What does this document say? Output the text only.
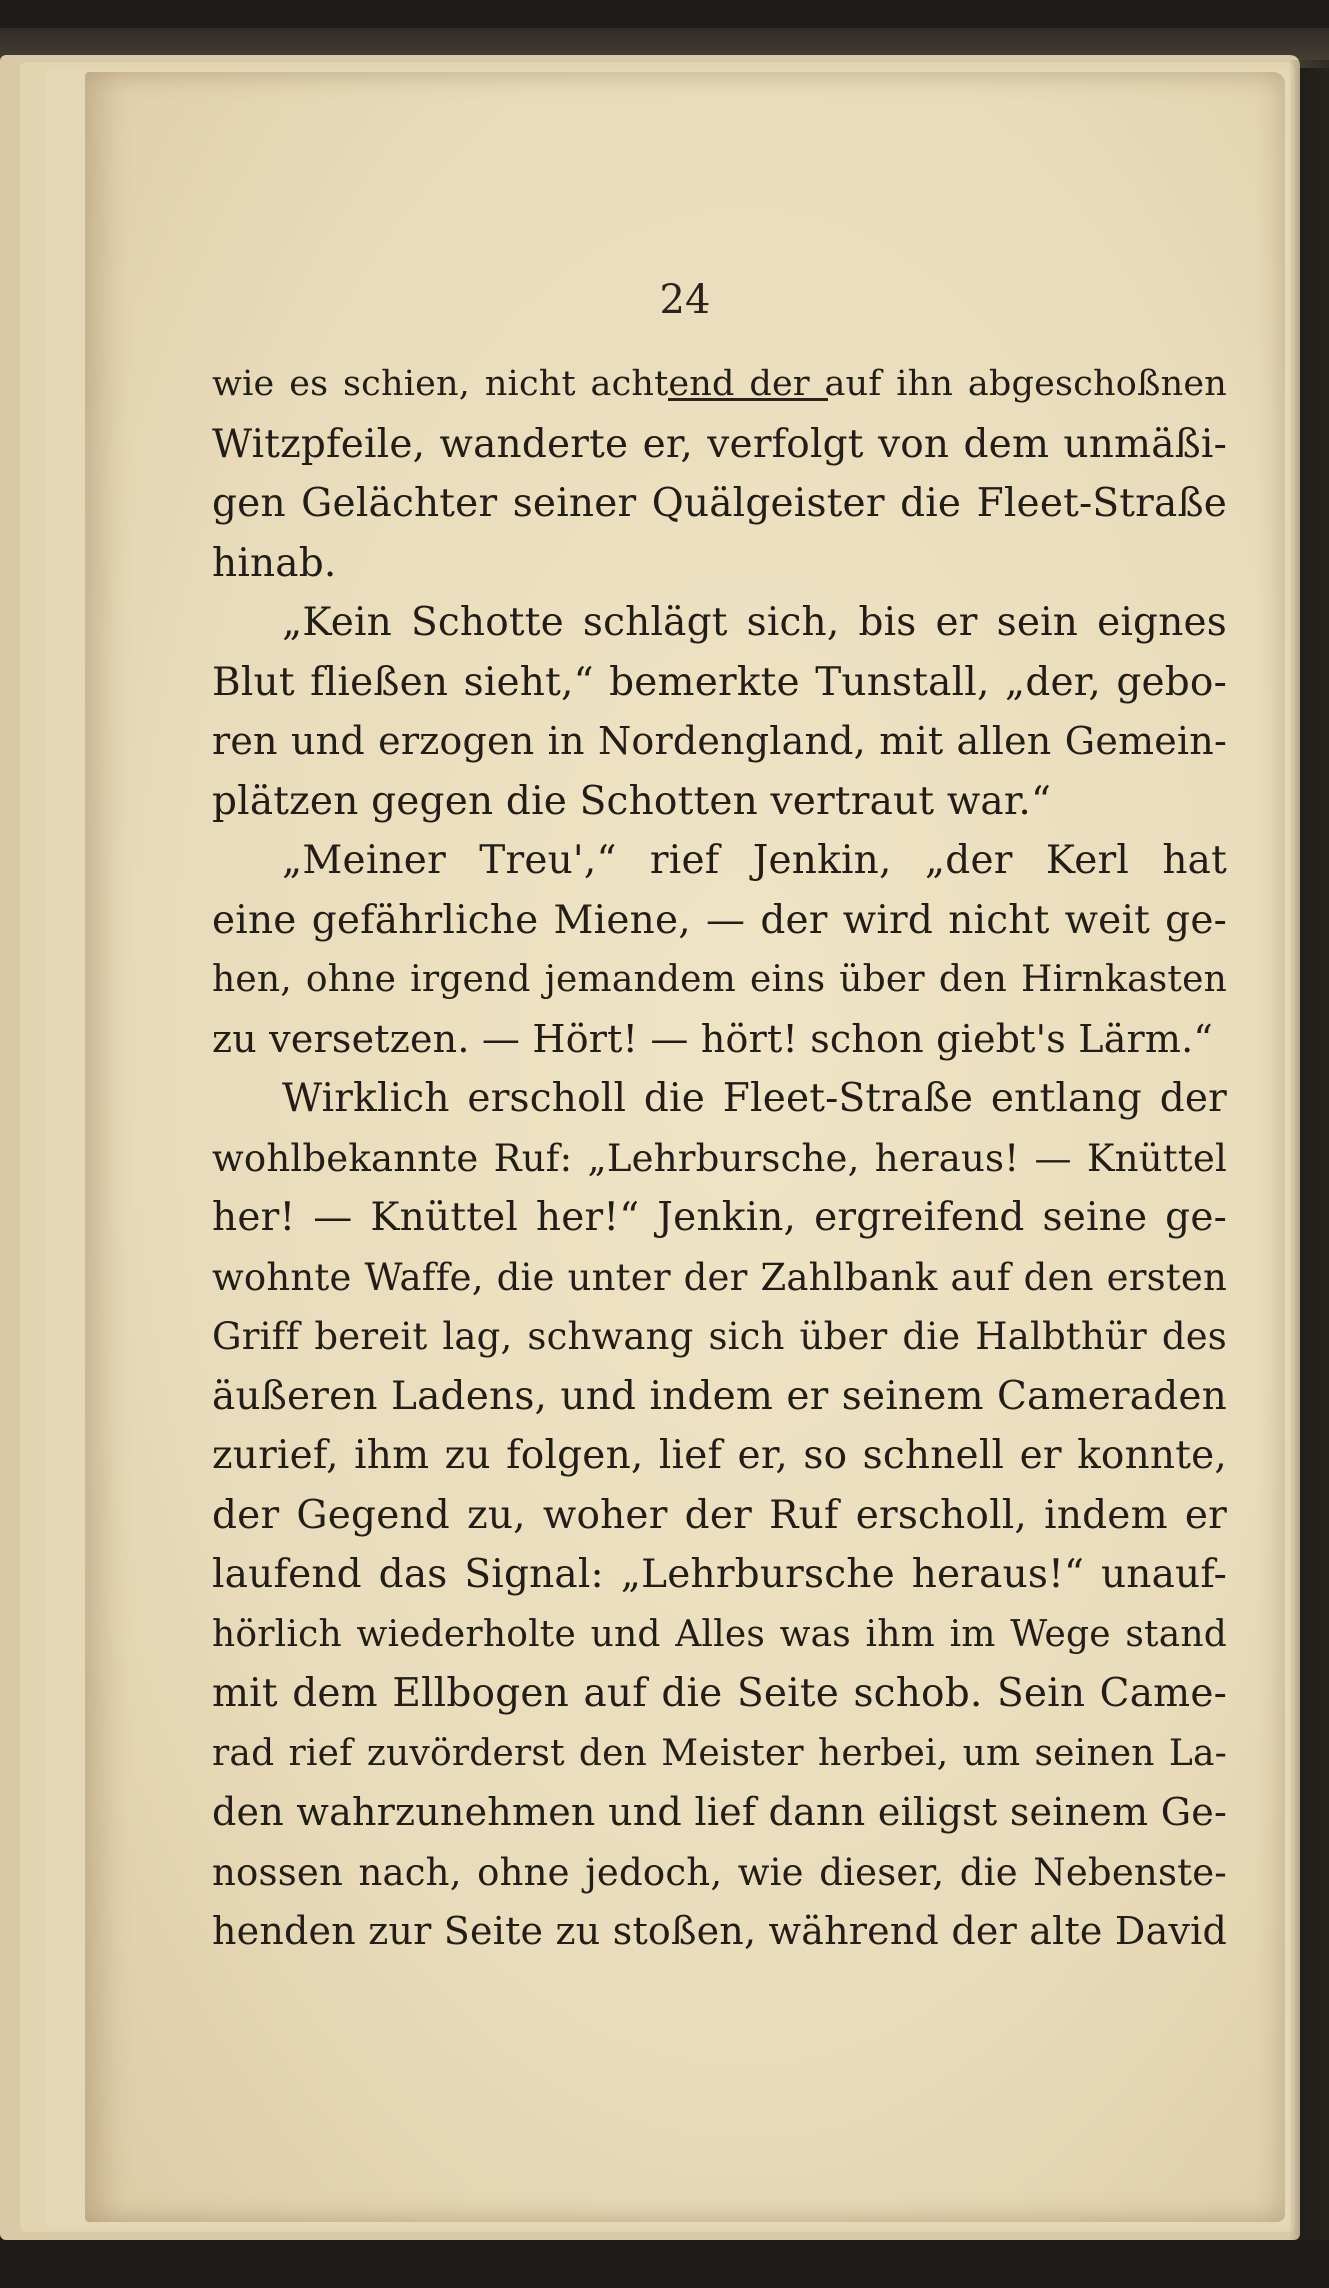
24
wie es schien, nicht achtend der auf ihn abgeschoßnen
Witzpfeile, wanderte er, verfolgt von dem unmäßi-
gen Gelächter seiner Quälgeister die Fleet-Straße
hinab.
„Kein Schotte schlägt sich, bis er sein eignes
Blut fließen sieht,“ bemerkte Tunstall, „der, gebo-
ren und erzogen in Nordengland, mit allen Gemein-
plätzen gegen die Schotten vertraut war.“
„Meiner Treu',“ rief Jenkin, „der Kerl hat
eine gefährliche Miene, — der wird nicht weit ge-
hen, ohne irgend jemandem eins über den Hirnkasten
zu versetzen. — Hört! — hört! schon giebt's Lärm.“
Wirklich erscholl die Fleet-Straße entlang der
wohlbekannte Ruf: „Lehrbursche, heraus! — Knüttel
her! — Knüttel her!“ Jenkin, ergreifend seine ge-
wohnte Waffe, die unter der Zahlbank auf den ersten
Griff bereit lag, schwang sich über die Halbthür des
äußeren Ladens, und indem er seinem Cameraden
zurief, ihm zu folgen, lief er, so schnell er konnte,
der Gegend zu, woher der Ruf erscholl, indem er
laufend das Signal: „Lehrbursche heraus!“ unauf-
hörlich wiederholte und Alles was ihm im Wege stand
mit dem Ellbogen auf die Seite schob. Sein Came-
rad rief zuvörderst den Meister herbei, um seinen La-
den wahrzunehmen und lief dann eiligst seinem Ge-
nossen nach, ohne jedoch, wie dieser, die Nebenste-
henden zur Seite zu stoßen, während der alte David
